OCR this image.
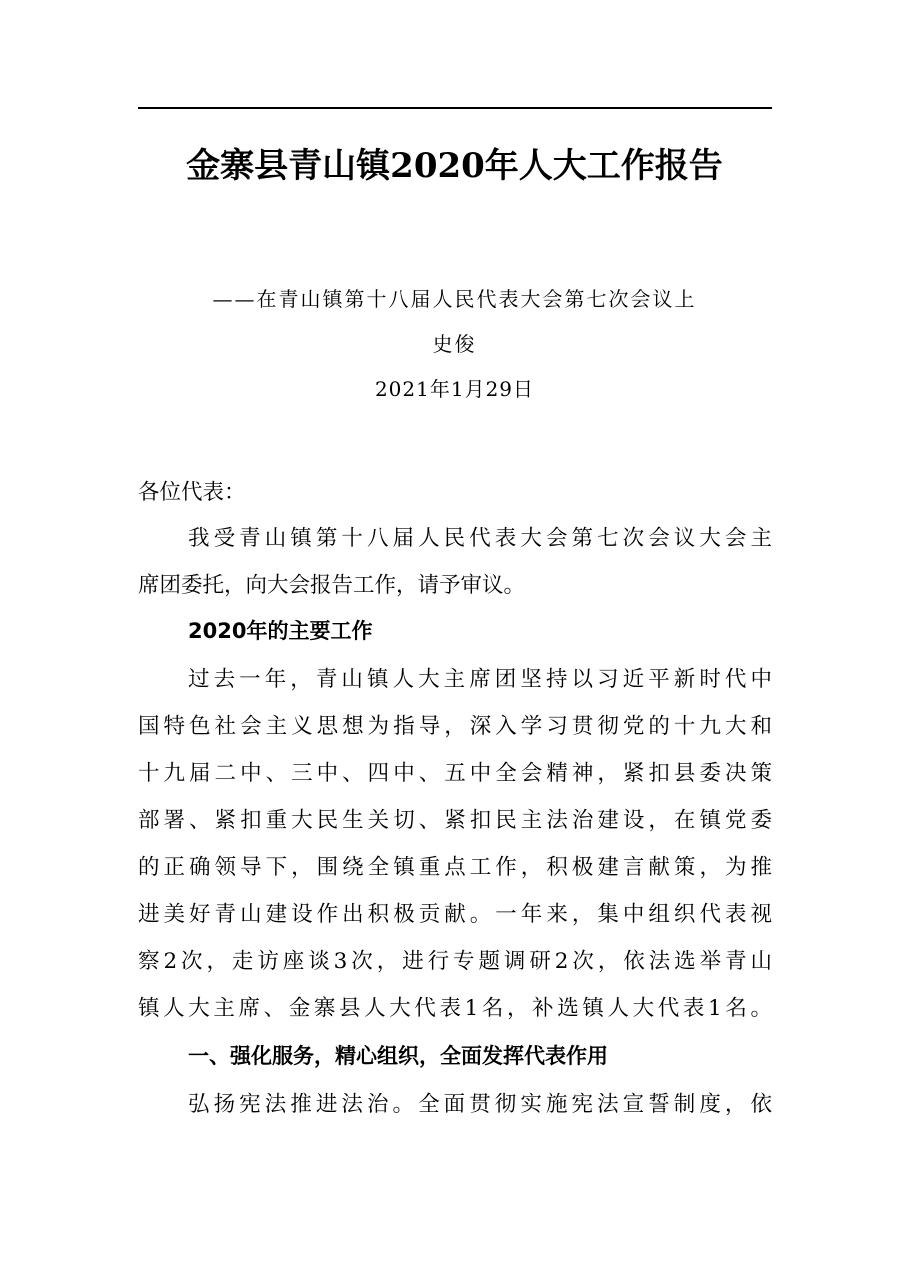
金寨县青山镇2020年人大工作报告

——在青山镇第十八届人民代表大会第七次会议上

史俊

2021年1月29日

各位代表：

我受青山镇第十八届人民代表大会第七次会议大会主

席团委托，向大会报告工作，请予审议。

2020年的主要工作

过去一年，青山镇人大主席团坚持以习近平新时代中

国特色社会主义思想为指导，深入学习贯彻党的十九大和

十九届二中、三中、四中、五中全会精神，紧扣县委决策

部署、紧扣重大民生关切、紧扣民主法治建设，在镇党委

的正确领导下，围绕全镇重点工作，积极建言献策，为推

进美好青山建设作出积极贡献。一年来，集中组织代表视

察2次，走访座谈3次，进行专题调研2次，依法选举青山

镇人大主席、金寨县人大代表1名，补选镇人大代表1名。

一、强化服务，精心组织，全面发挥代表作用

弘扬宪法推进法治。全面贯彻实施宪法宣誓制度，依
